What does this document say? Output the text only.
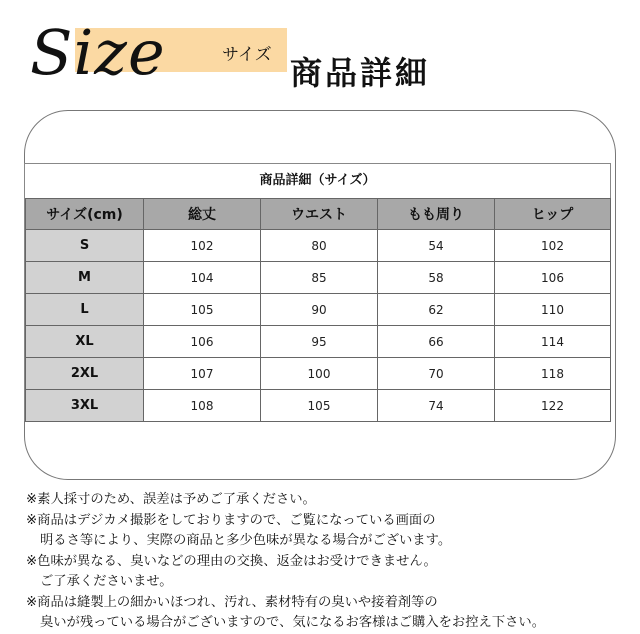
Size	サイズ 商品詳細
商品詳細（サイズ）
サイズ(cm)	総丈	ウエスト	もも周り	ヒップ
S	102	80	54	102
M	104	85	58	106
L	105	90	62	110
XL	106	95	66	114
2XL	107	100	70	118
3XL	108	105	74	122
※素人採寸のため、誤差は予めご了承ください。
※商品はデジカメ撮影をしておりますので、ご覧になっている画面の
明るさ等により、実際の商品と多少色味が異なる場合がございます。
※色味が異なる、臭いなどの理由の交換、返金はお受けできません。
ご了承くださいませ。
※商品は縫製上の細かいほつれ、汚れ、素材特有の臭いや接着剤等の
臭いが残っている場合がございますので、気になるお客様はご購入をお控え下さい。
